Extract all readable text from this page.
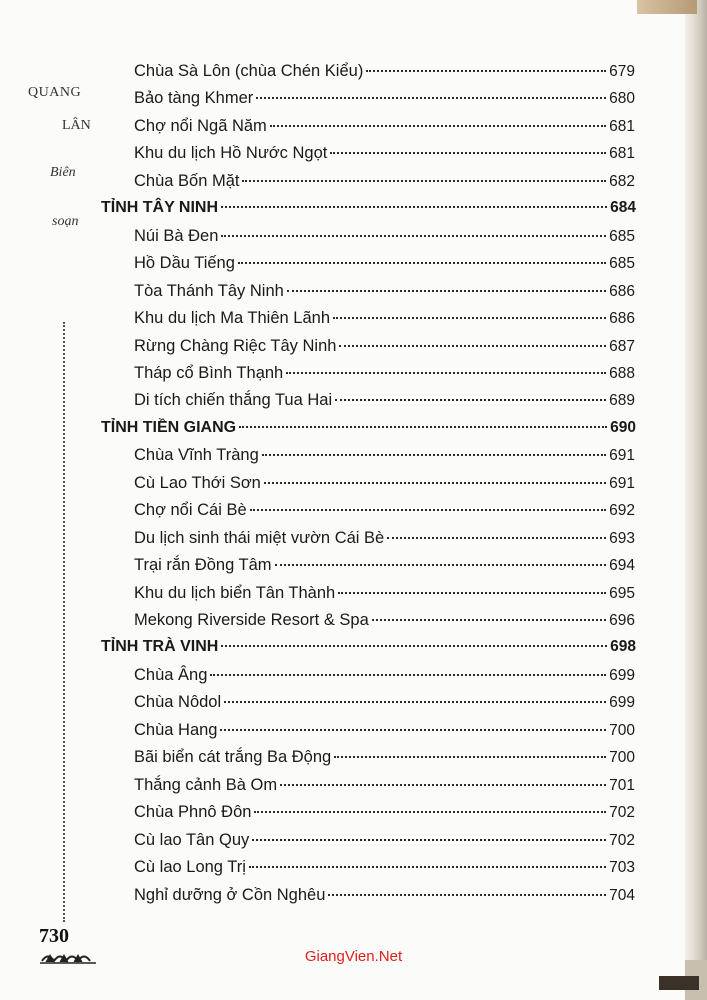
QUANG
LÂN
Biên
soạn
Chùa Sà Lôn (chùa Chén Kiểu)	679
Bảo tàng Khmer	680
Chợ nổi Ngã Năm	681
Khu du lịch Hồ Nước Ngọt	681
Chùa Bốn Mặt	682
TỈNH TÂY NINH	684
Núi Bà Đen	685
Hồ Dầu Tiếng	685
Tòa Thánh Tây Ninh	686
Khu du lịch Ma Thiên Lãnh	686
Rừng Chàng Riệc Tây Ninh	687
Tháp cổ Bình Thạnh	688
Di tích chiến thắng Tua Hai	689
TỈNH TIỀN GIANG	690
Chùa Vĩnh Tràng	691
Cù Lao Thới Sơn	691
Chợ nổi Cái Bè	692
Du lịch sinh thái miệt vườn Cái Bè	693
Trại rắn Đồng Tâm	694
Khu du lịch biển Tân Thành	695
Mekong Riverside Resort & Spa	696
TỈNH TRÀ VINH	698
Chùa Âng	699
Chùa Nôdol	699
Chùa Hang	700
Bãi biển cát trắng Ba Động	700
Thắng cảnh Bà Om	701
Chùa Phnô Đôn	702
Cù lao Tân Quy	702
Cù lao Long Trị	703
Nghỉ dưỡng ở Cồn Nghêu	704
730
GiangVien.Net
